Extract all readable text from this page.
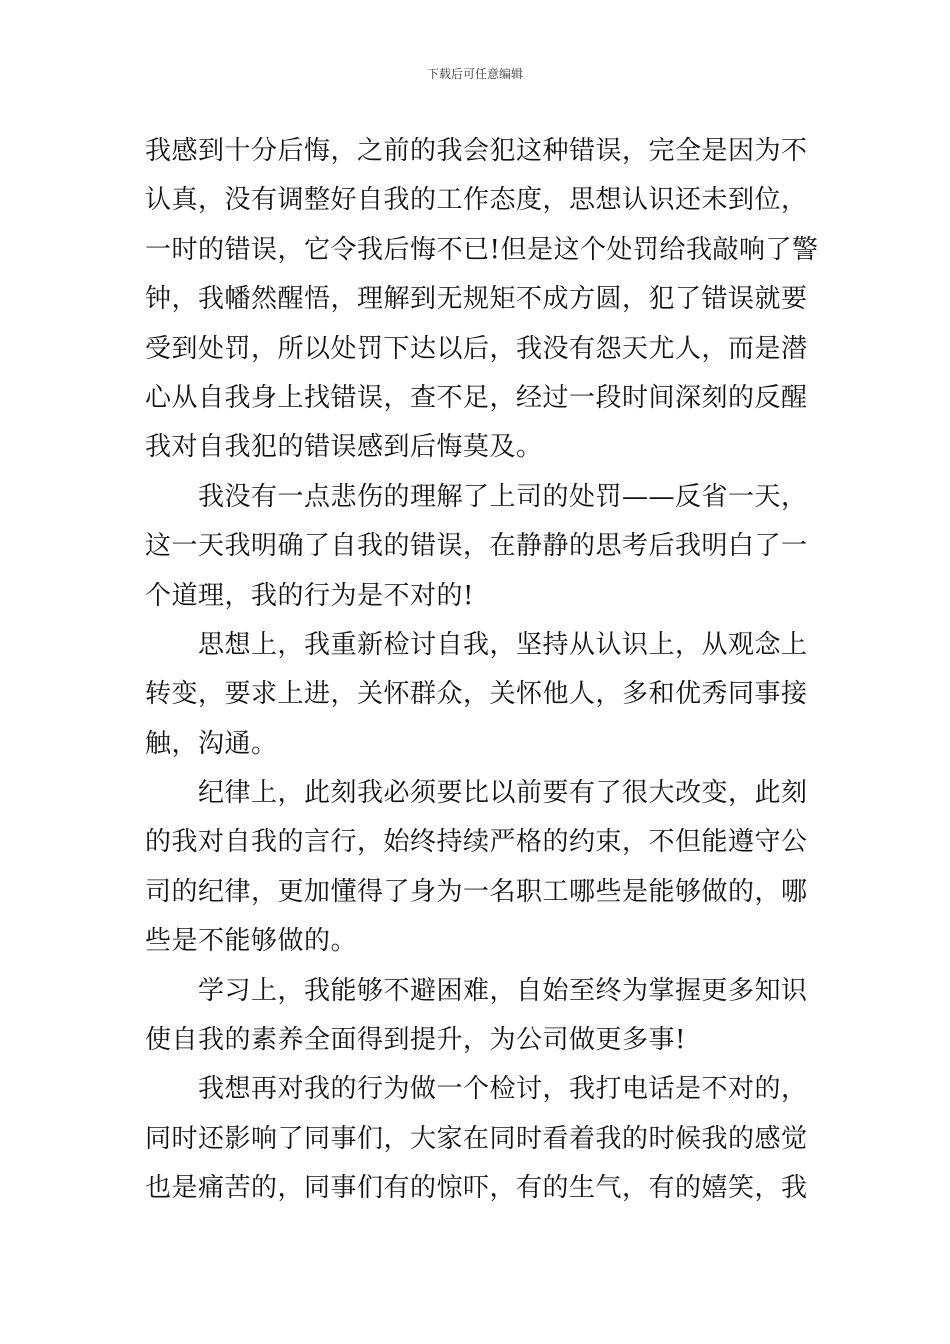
下载后可任意编辑
我感到十分后悔，之前的我会犯这种错误，完全是因为不
认真，没有调整好自我的工作态度，思想认识还未到位，
一时的错误，它令我后悔不已!但是这个处罚给我敲响了警
钟，我幡然醒悟，理解到无规矩不成方圆，犯了错误就要
受到处罚，所以处罚下达以后，我没有怨天尤人，而是潜
心从自我身上找错误，查不足，经过一段时间深刻的反醒
我对自我犯的错误感到后悔莫及。
我没有一点悲伤的理解了上司的处罚——反省一天，
这一天我明确了自我的错误，在静静的思考后我明白了一
个道理，我的行为是不对的!
思想上，我重新检讨自我，坚持从认识上，从观念上
转变，要求上进，关怀群众，关怀他人，多和优秀同事接
触，沟通。
纪律上，此刻我必须要比以前要有了很大改变，此刻
的我对自我的言行，始终持续严格的约束，不但能遵守公
司的纪律，更加懂得了身为一名职工哪些是能够做的，哪
些是不能够做的。
学习上，我能够不避困难，自始至终为掌握更多知识
使自我的素养全面得到提升，为公司做更多事!
我想再对我的行为做一个检讨，我打电话是不对的，
同时还影响了同事们，大家在同时看着我的时候我的感觉
也是痛苦的，同事们有的惊吓，有的生气，有的嬉笑，我
